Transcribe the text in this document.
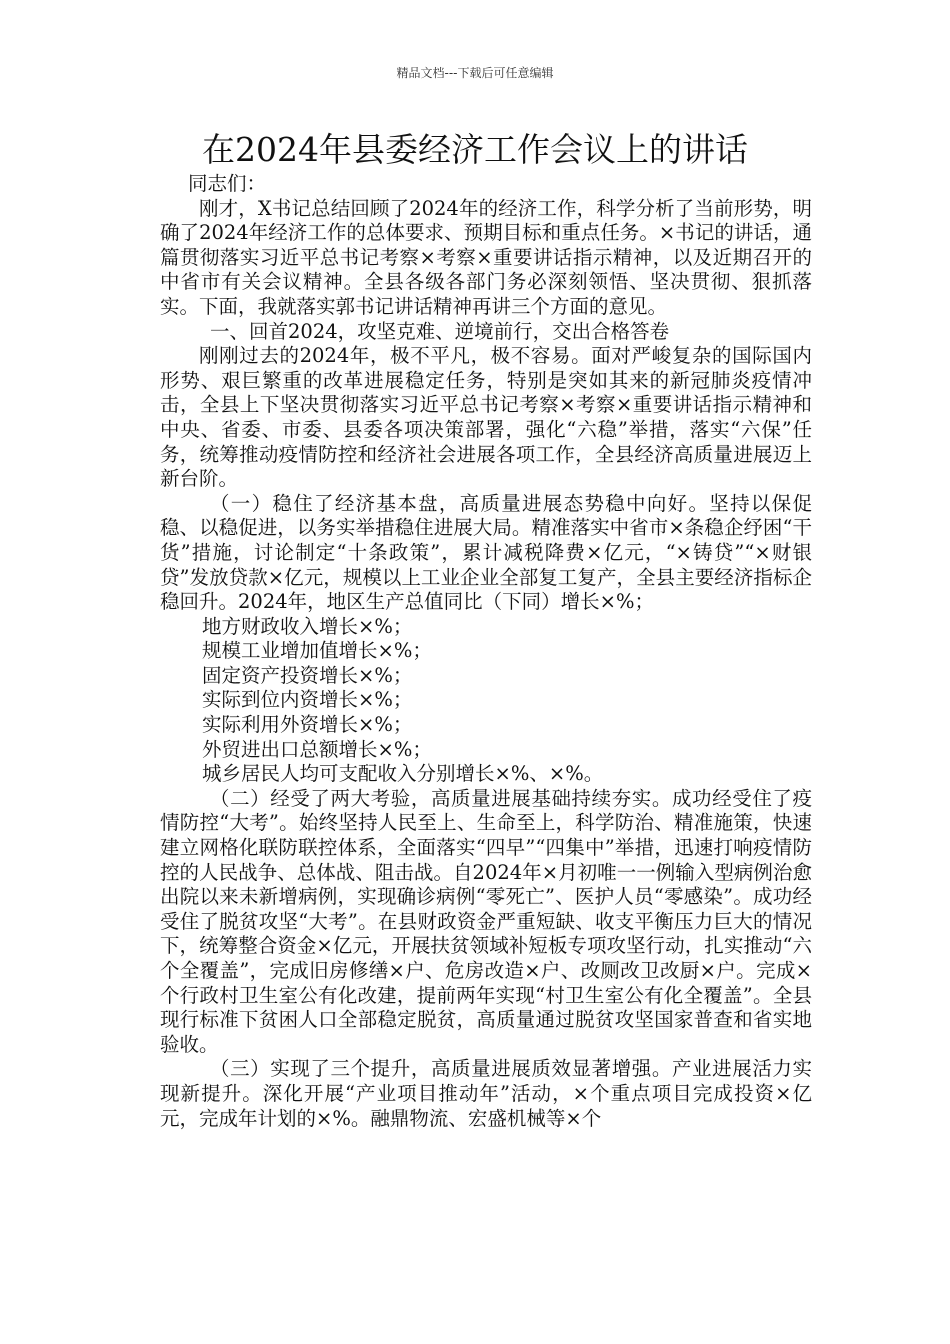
精品文档---下载后可任意编辑
在2024年县委经济工作会议上的讲话

同志们：

刚才，X书记总结回顾了2024年的经济工作，科学分析了当前形势，明确了2024年经济工作的总体要求、预期目标和重点任务。×书记的讲话，通篇贯彻落实习近平总书记考察×考察×重要讲话指示精神，以及近期召开的中省市有关会议精神。全县各级各部门务必深刻领悟、坚决贯彻、狠抓落实。下面，我就落实郭书记讲话精神再讲三个方面的意见。

一、回首2024，攻坚克难、逆境前行，交出合格答卷

刚刚过去的2024年，极不平凡，极不容易。面对严峻复杂的国际国内形势、艰巨繁重的改革进展稳定任务，特别是突如其来的新冠肺炎疫情冲击，全县上下坚决贯彻落实习近平总书记考察×考察×重要讲话指示精神和中央、省委、市委、县委各项决策部署，强化“六稳”举措，落实“六保”任务，统筹推动疫情防控和经济社会进展各项工作，全县经济高质量进展迈上新台阶。

（一）稳住了经济基本盘，高质量进展态势稳中向好。坚持以保促稳、以稳促进，以务实举措稳住进展大局。精准落实中省市×条稳企纾困“干货”措施，讨论制定“十条政策”，累计减税降费×亿元，“×铸贷”“×财银贷”发放贷款×亿元，规模以上工业企业全部复工复产，全县主要经济指标企稳回升。2024年，地区生产总值同比（下同）增长×%；

地方财政收入增长×%；

规模工业增加值增长×%；

固定资产投资增长×%；

实际到位内资增长×%；

实际利用外资增长×%；

外贸进出口总额增长×%；

城乡居民人均可支配收入分别增长×%、×%。

（二）经受了两大考验，高质量进展基础持续夯实。成功经受住了疫情防控“大考”。始终坚持人民至上、生命至上，科学防治、精准施策，快速建立网格化联防联控体系，全面落实“四早”“四集中”举措，迅速打响疫情防控的人民战争、总体战、阻击战。自2024年×月初唯一一例输入型病例治愈出院以来未新增病例，实现确诊病例“零死亡”、医护人员“零感染”。成功经受住了脱贫攻坚“大考”。在县财政资金严重短缺、收支平衡压力巨大的情况下，统筹整合资金×亿元，开展扶贫领域补短板专项攻坚行动，扎实推动“六个全覆盖”，完成旧房修缮×户、危房改造×户、改厕改卫改厨×户。完成×个行政村卫生室公有化改建，提前两年实现“村卫生室公有化全覆盖”。全县现行标准下贫困人口全部稳定脱贫，高质量通过脱贫攻坚国家普查和省实地验收。

（三）实现了三个提升，高质量进展质效显著增强。产业进展活力实现新提升。深化开展“产业项目推动年”活动，×个重点项目完成投资×亿元，完成年计划的×%。融鼎物流、宏盛机械等×个
